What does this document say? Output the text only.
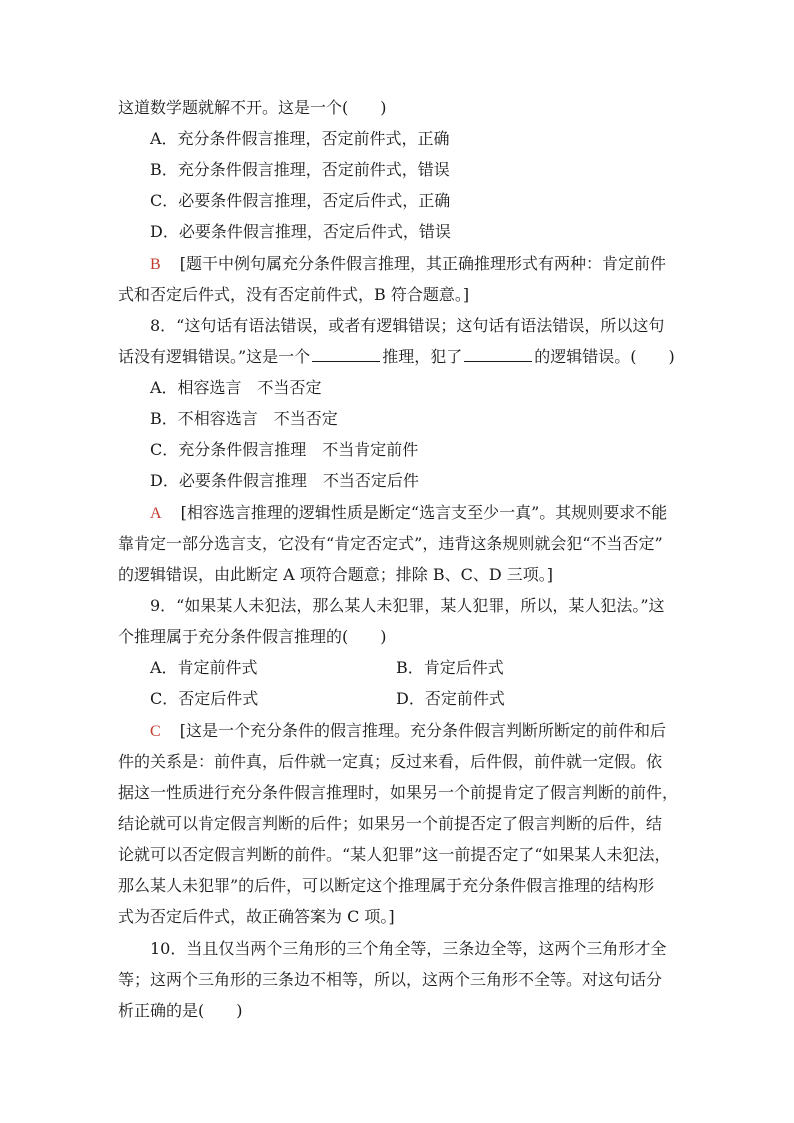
这道数学题就解不开。这是一个(　　)
A．充分条件假言推理，否定前件式，正确
B．充分条件假言推理，否定前件式，错误
C．必要条件假言推理，否定后件式，正确
D．必要条件假言推理，否定后件式，错误
B [题干中例句属充分条件假言推理，其正确推理形式有两种：肯定前件
式和否定后件式，没有否定前件式，B 符合题意。]
8．“这句话有语法错误，或者有逻辑错误；这句话有语法错误，所以这句
话没有逻辑错误。”这是一个	推理，犯了	的逻辑错误。(　　)
A．相容选言　不当否定
B．不相容选言　不当否定
C．充分条件假言推理　不当肯定前件
D．必要条件假言推理　不当否定后件
A [相容选言推理的逻辑性质是断定“选言支至少一真”。其规则要求不能
靠肯定一部分选言支，它没有“肯定否定式”，违背这条规则就会犯“不当否定”
的逻辑错误，由此断定 A 项符合题意；排除 B、C、D 三项。]
9．“如果某人未犯法，那么某人未犯罪，某人犯罪，所以，某人犯法。”这
个推理属于充分条件假言推理的(　　)
A．肯定前件式	B．肯定后件式
C．否定后件式	D．否定前件式
C [这是一个充分条件的假言推理。充分条件假言判断所断定的前件和后
件的关系是：前件真，后件就一定真；反过来看，后件假，前件就一定假。依
据这一性质进行充分条件假言推理时，如果另一个前提肯定了假言判断的前件，
结论就可以肯定假言判断的后件；如果另一个前提否定了假言判断的后件，结
论就可以否定假言判断的前件。“某人犯罪”这一前提否定了“如果某人未犯法，
那么某人未犯罪”的后件，可以断定这个推理属于充分条件假言推理的结构形
式为否定后件式，故正确答案为 C 项。]
10．当且仅当两个三角形的三个角全等，三条边全等，这两个三角形才全
等；这两个三角形的三条边不相等，所以，这两个三角形不全等。对这句话分
析正确的是(　　)
